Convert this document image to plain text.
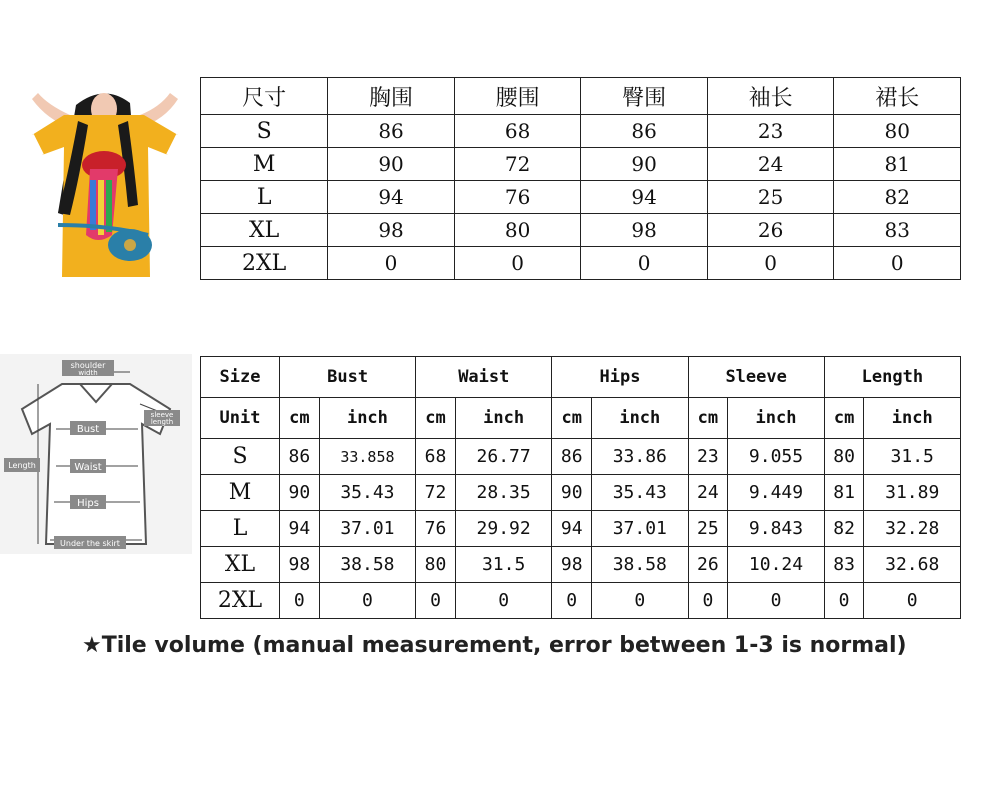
尺寸	胸围	腰围	臀围	袖长	裙长
S	86	68	86	23	80
M	90	72	90	24	81
L	94	76	94	25	82
XL	98	80	98	26	83
2XL	0	0	0	0	0
shoulder
width
sleeve
length
Bust
Waist
Hips
Length
Under the skirt
Size	Bust		Waist		Hips		Sleeve		Length	
Unit	cm	inch	cm	inch	cm	inch	cm	inch	cm	inch
S	86	33.858	68	26.77	86	33.86	23	9.055	80	31.5
M	90	35.43	72	28.35	90	35.43	24	9.449	81	31.89
L	94	37.01	76	29.92	94	37.01	25	9.843	82	32.28
XL	98	38.58	80	31.5	98	38.58	26	10.24	83	32.68
2XL	0	0	0	0	0	0	0	0	0	0
★Tile volume (manual measurement, error between 1-3 is normal)
